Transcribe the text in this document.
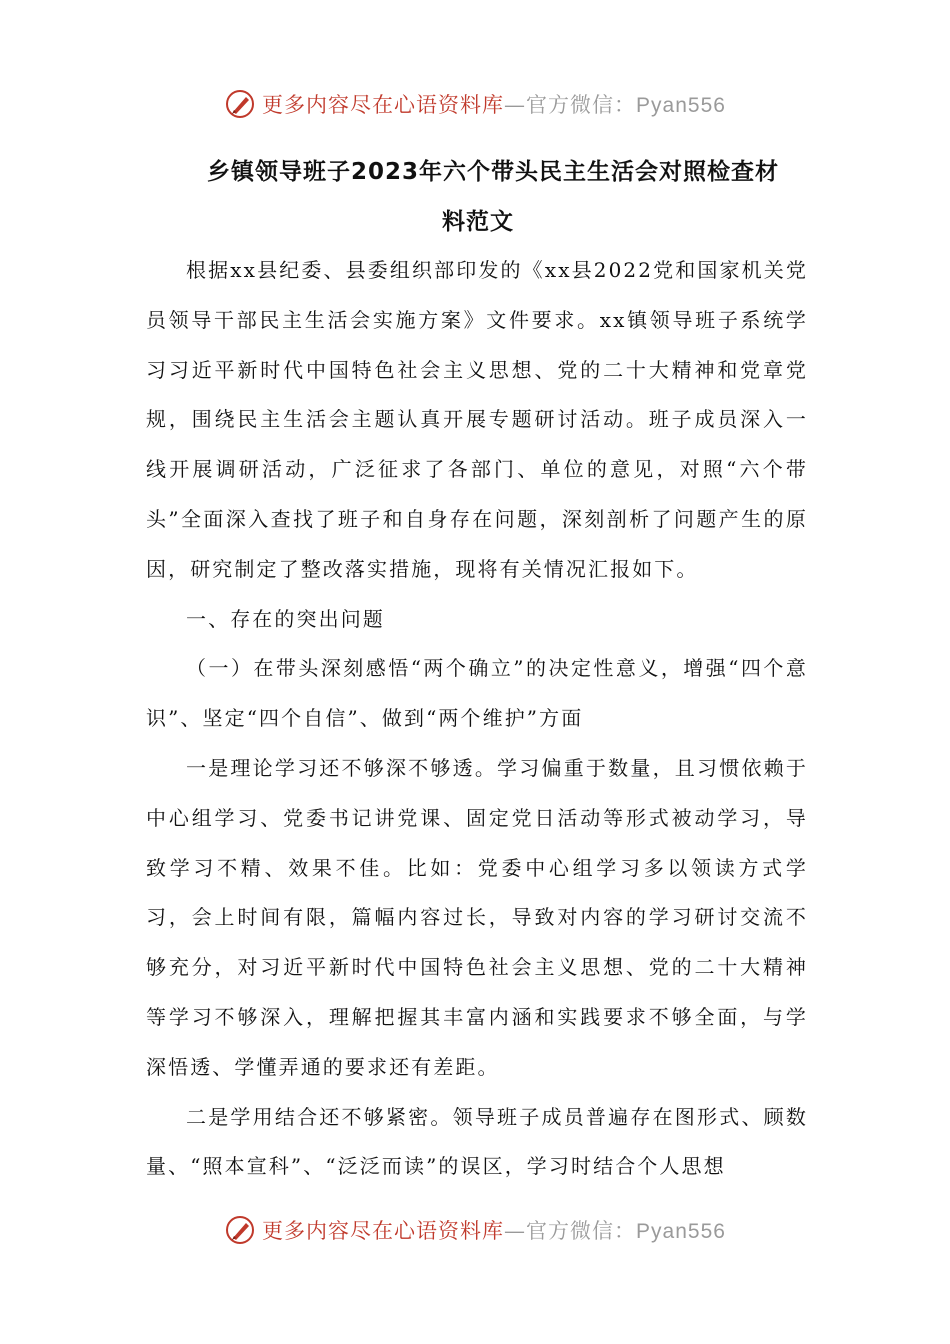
更多内容尽在心语资料库—官方微信：Pyan556
乡镇领导班子2023年六个带头民主生活会对照检查材
料范文

根据xx县纪委、县委组织部印发的《xx县2022党和国家机关党员领导干部民主生活会实施方案》文件要求。xx镇领导班子系统学习习近平新时代中国特色社会主义思想、党的二十大精神和党章党规，围绕民主生活会主题认真开展专题研讨活动。班子成员深入一线开展调研活动，广泛征求了各部门、单位的意见，对照“六个带头”全面深入查找了班子和自身存在问题，深刻剖析了问题产生的原因，研究制定了整改落实措施，现将有关情况汇报如下。

一、存在的突出问题

（一）在带头深刻感悟“两个确立”的决定性意义，增强“四个意识”、坚定“四个自信”、做到“两个维护”方面

一是理论学习还不够深不够透。学习偏重于数量，且习惯依赖于中心组学习、党委书记讲党课、固定党日活动等形式被动学习，导致学习不精、效果不佳。比如：党委中心组学习多以领读方式学习，会上时间有限，篇幅内容过长，导致对内容的学习研讨交流不够充分，对习近平新时代中国特色社会主义思想、党的二十大精神等学习不够深入，理解把握其丰富内涵和实践要求不够全面，与学深悟透、学懂弄通的要求还有差距。

二是学用结合还不够紧密。领导班子成员普遍存在图形式、顾数量、“照本宣科”、“泛泛而读”的误区，学习时结合个人思想

更多内容尽在心语资料库—官方微信：Pyan556
